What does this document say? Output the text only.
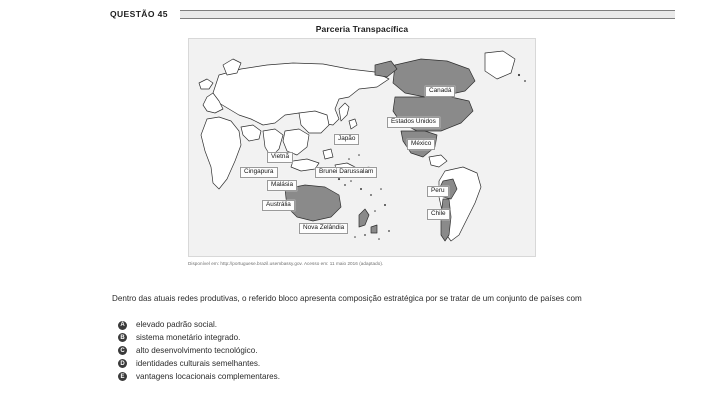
QUESTÃO 45
Parceria Transpacífica
Canadá
Estados Unidos
México
Peru
Chile
Japão
Vietnã
Cingapura	Brunei Darussalam
Malásia
Austrália
Nova Zelândia
Disponível em: http://portuguese.brazil.usembassy.gov. Acesso em: 11 maio 2016 (adaptado).
Dentro das atuais redes produtivas, o referido bloco apresenta composição estratégica por se tratar de um conjunto de países com
A elevado padrão social.
B sistema monetário integrado.
C alto desenvolvimento tecnológico.
D identidades culturais semelhantes.
E	vantagens locacionais complementares.
